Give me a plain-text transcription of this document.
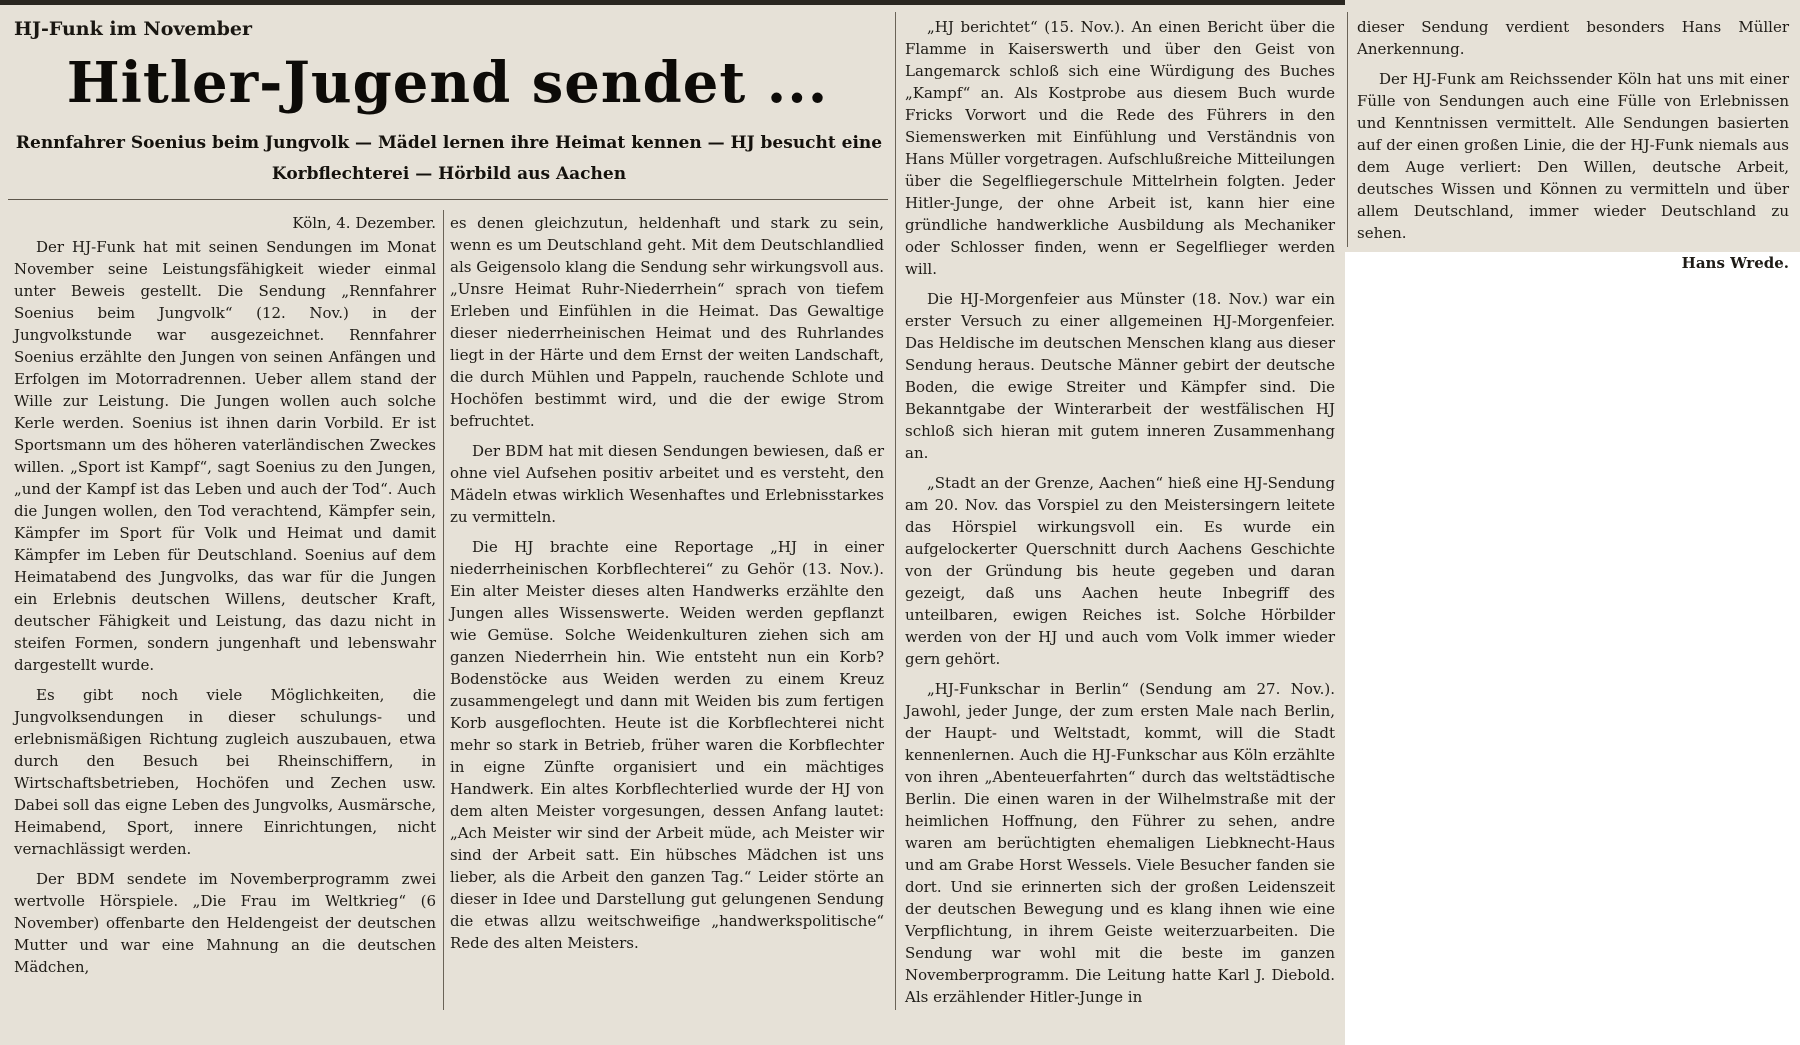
HJ-Funk im November
Hitler-Jugend sendet ...
Rennfahrer Soenius beim Jungvolk — Mädel lernen ihre Heimat kennen — HJ besucht eine Korbflechterei — Hörbild aus Aachen
Köln, 4. Dezember.

Der HJ-Funk hat mit seinen Sendungen im Monat November seine Leistungsfähigkeit wieder einmal unter Beweis gestellt. Die Sendung „Rennfahrer Soenius beim Jungvolk“ (12. Nov.) in der Jungvolkstunde war ausgezeichnet. Rennfahrer Soenius erzählte den Jungen von seinen Anfängen und Erfolgen im Motorradrennen. Ueber allem stand der Wille zur Leistung. Die Jungen wollen auch solche Kerle werden. Soenius ist ihnen darin Vorbild. Er ist Sportsmann um des höheren vaterländischen Zweckes willen. „Sport ist Kampf“, sagt Soenius zu den Jungen, „und der Kampf ist das Leben und auch der Tod“. Auch die Jungen wollen, den Tod verachtend, Kämpfer sein, Kämpfer im Sport für Volk und Heimat und damit Kämpfer im Leben für Deutschland. Soenius auf dem Heimatabend des Jungvolks, das war für die Jungen ein Erlebnis deutschen Willens, deutscher Kraft, deutscher Fähigkeit und Leistung, das dazu nicht in steifen Formen, sondern jungenhaft und lebenswahr dargestellt wurde.

Es gibt noch viele Möglichkeiten, die Jungvolksendungen in dieser schulungs- und erlebnismäßigen Richtung zugleich auszubauen, etwa durch den Besuch bei Rheinschiffern, in Wirtschaftsbetrieben, Hochöfen und Zechen usw. Dabei soll das eigne Leben des Jungvolks, Ausmärsche, Heimabend, Sport, innere Einrichtungen, nicht vernachlässigt werden.

Der BDM sendete im Novemberprogramm zwei wertvolle Hörspiele. „Die Frau im Weltkrieg“ (6 November) offenbarte den Heldengeist der deutschen Mutter und war eine Mahnung an die deutschen Mädchen,

es denen gleichzutun, heldenhaft und stark zu sein, wenn es um Deutschland geht. Mit dem Deutschlandlied als Geigensolo klang die Sendung sehr wirkungsvoll aus. „Unsre Heimat Ruhr-Niederrhein“ sprach von tiefem Erleben und Einfühlen in die Heimat. Das Gewaltige dieser niederrheinischen Heimat und des Ruhrlandes liegt in der Härte und dem Ernst der weiten Landschaft, die durch Mühlen und Pappeln, rauchende Schlote und Hochöfen bestimmt wird, und die der ewige Strom befruchtet.

Der BDM hat mit diesen Sendungen bewiesen, daß er ohne viel Aufsehen positiv arbeitet und es versteht, den Mädeln etwas wirklich Wesenhaftes und Erlebnisstarkes zu vermitteln.

Die HJ brachte eine Reportage „HJ in einer niederrheinischen Korbflechterei“ zu Gehör (13. Nov.). Ein alter Meister dieses alten Handwerks erzählte den Jungen alles Wissenswerte. Weiden werden gepflanzt wie Gemüse. Solche Weidenkulturen ziehen sich am ganzen Niederrhein hin. Wie entsteht nun ein Korb? Bodenstöcke aus Weiden werden zu einem Kreuz zusammengelegt und dann mit Weiden bis zum fertigen Korb ausgeflochten. Heute ist die Korbflechterei nicht mehr so stark in Betrieb, früher waren die Korbflechter in eigne Zünfte organisiert und ein mächtiges Handwerk. Ein altes Korbflechterlied wurde der HJ von dem alten Meister vorgesungen, dessen Anfang lautet: „Ach Meister wir sind der Arbeit müde, ach Meister wir sind der Arbeit satt. Ein hübsches Mädchen ist uns lieber, als die Arbeit den ganzen Tag.“ Leider störte an dieser in Idee und Darstellung gut gelungenen Sendung die etwas allzu weitschweifige „handwerkspolitische“ Rede des alten Meisters.

„HJ berichtet“ (15. Nov.). An einen Bericht über die Flamme in Kaiserswerth und über den Geist von Langemarck schloß sich eine Würdigung des Buches „Kampf“ an. Als Kostprobe aus diesem Buch wurde Fricks Vorwort und die Rede des Führers in den Siemenswerken mit Einfühlung und Verständnis von Hans Müller vorgetragen. Aufschlußreiche Mitteilungen über die Segelfliegerschule Mittelrhein folgten. Jeder Hitler-Junge, der ohne Arbeit ist, kann hier eine gründliche handwerkliche Ausbildung als Mechaniker oder Schlosser finden, wenn er Segelflieger werden will.

Die HJ-Morgenfeier aus Münster (18. Nov.) war ein erster Versuch zu einer allgemeinen HJ-Morgenfeier. Das Heldische im deutschen Menschen klang aus dieser Sendung heraus. Deutsche Männer gebirt der deutsche Boden, die ewige Streiter und Kämpfer sind. Die Bekanntgabe der Winterarbeit der westfälischen HJ schloß sich hieran mit gutem inneren Zusammenhang an.

„Stadt an der Grenze, Aachen“ hieß eine HJ-Sendung am 20. Nov. das Vorspiel zu den Meistersingern leitete das Hörspiel wirkungsvoll ein. Es wurde ein aufgelockerter Querschnitt durch Aachens Geschichte von der Gründung bis heute gegeben und daran gezeigt, daß uns Aachen heute Inbegriff des unteilbaren, ewigen Reiches ist. Solche Hörbilder werden von der HJ und auch vom Volk immer wieder gern gehört.

„HJ-Funkschar in Berlin“ (Sendung am 27. Nov.). Jawohl, jeder Junge, der zum ersten Male nach Berlin, der Haupt- und Weltstadt, kommt, will die Stadt kennenlernen. Auch die HJ-Funkschar aus Köln erzählte von ihren „Abenteuerfahrten“ durch das weltstädtische Berlin. Die einen waren in der Wilhelmstraße mit der heimlichen Hoffnung, den Führer zu sehen, andre waren am berüchtigten ehemaligen Liebknecht-Haus und am Grabe Horst Wessels. Viele Besucher fanden sie dort. Und sie erinnerten sich der großen Leidenszeit der deutschen Bewegung und es klang ihnen wie eine Verpflichtung, in ihrem Geiste weiterzuarbeiten. Die Sendung war wohl mit die beste im ganzen Novemberprogramm. Die Leitung hatte Karl J. Diebold. Als erzählender Hitler-Junge in

dieser Sendung verdient besonders Hans Müller Anerkennung.

Der HJ-Funk am Reichssender Köln hat uns mit einer Fülle von Sendungen auch eine Fülle von Erlebnissen und Kenntnissen vermittelt. Alle Sendungen basierten auf der einen großen Linie, die der HJ-Funk niemals aus dem Auge verliert: Den Willen, deutsche Arbeit, deutsches Wissen und Können zu vermitteln und über allem Deutschland, immer wieder Deutschland zu sehen.

Hans Wrede.
